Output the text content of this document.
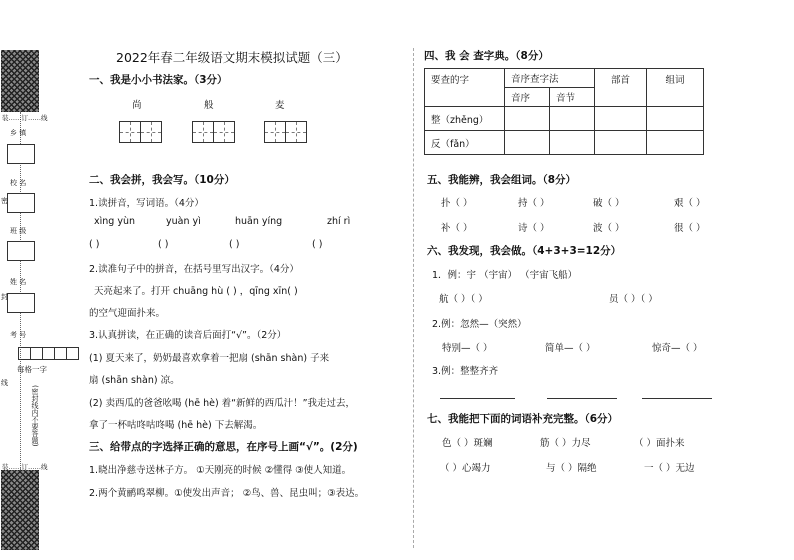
装……订……线
装……订……线
乡 镇
校 名
班 级
姓 名
考 号
密
封
线
每格一字
(密封线内不要答题)
2022年春二年级语文期末模拟试题（三）
一、我是小小书法家。（3分）
尚	般	麦
二、我会拼，我会写。（10分）
1.读拼音，写词语。（4分）
xìng yùn	yuàn yì	huān yíng	zhí rì
( )	( )	( )	( )
2.读准句子中的拼音，在括号里写出汉字。（4分）
天亮起来了。打开 chuāng hù ( ) ，qīng xīn( )
的空气迎面扑来。
3.认真拼读，在正确的读音后面打“√”。（2分）
(1) 夏天来了，奶奶最喜欢拿着一把扇 (shān shàn) 子来
扇 (shān shàn) 凉。
(2) 卖西瓜的爸爸吆喝 (hē hè) 着“新鲜的西瓜汁！”我走过去，
拿了一杯咕咚咕咚喝 (hē hè) 下去解渴。
三、给带点的字选择正确的意思，在序号上画“√”。(2分)
1.晓出净慈寺送林子方。 ①天刚亮的时候 ②懂得 ③使人知道。
2.两个黄鹂鸣翠柳。①使发出声音； ②鸟、兽、昆虫叫；③表达。
四、我 会 查字典。（8分）
要查的字	音序查字法		部首	组词
	音序	音节		
整（zhěng）				
反（fǎn）				
五、我能辨，我会组词。（8分）
扑（ ）	持（ ）	破（ ）	艰（ ）
补（ ）	诗（ ）	波（ ）	很（ ）
六、我发现，我会做。（4+3+3=12分）
1．例：宇 （宇宙） （宇宙飞船）
航（ ）（ ）	员（ ）（ ）
2.例：忽然—（突然）
特别—（ ）	简单—（ ）	惊奇—（ ）
3.例：整整齐齐
七、我能把下面的词语补充完整。（6分）
色（ ）斑斓	筋（ ）力尽	（ ）面扑来
（ ）心竭力	与（ ）隔绝	一（ ）无边
